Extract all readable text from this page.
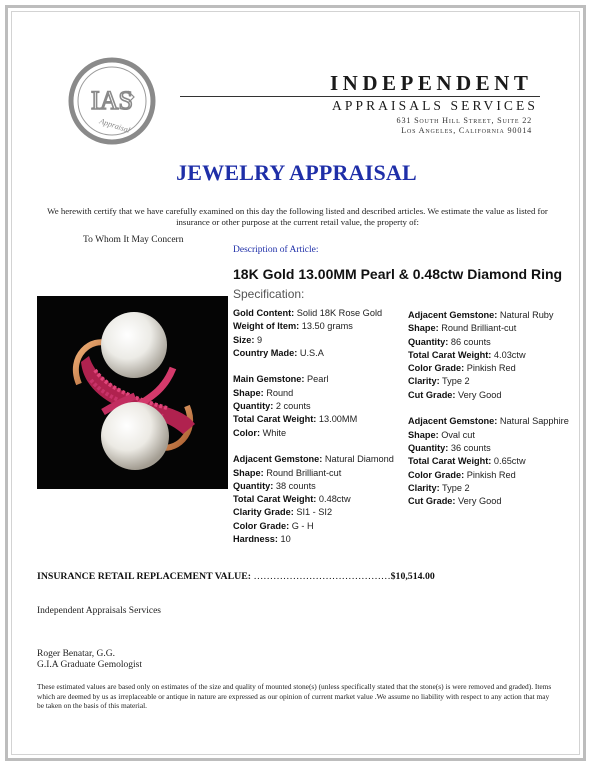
IAS
Appraisal
INDEPENDENT
APPRAISALS SERVICES
631 South Hill Street, Suite 22
Los Angeles, California 90014
JEWELRY APPRAISAL
We herewith certify that we have carefully examined on this day the following listed and described articles. We estimate the value as listed for insurance or other purpose at the current retail value, the property of:
To Whom It May Concern
Description of Article:
18K Gold 13.00MM Pearl & 0.48ctw Diamond Ring
Specification:
Gold Content: Solid 18K Rose Gold
Weight of Item: 13.50 grams
Size: 9
Country Made: U.S.A
Main Gemstone: Pearl
Shape: Round
Quantity: 2 counts
Total Carat Weight: 13.00MM
Color: White
Adjacent Gemstone: Natural Diamond
Shape: Round Brilliant-cut
Quantity: 38 counts
Total Carat Weight: 0.48ctw
Clarity Grade: SI1 - SI2
Color Grade: G - H
Hardness: 10
Adjacent Gemstone: Natural Ruby
Shape: Round Brilliant-cut
Quantity: 86 counts
Total Carat Weight: 4.03ctw
Color Grade: Pinkish Red
Clarity: Type 2
Cut Grade: Very Good
Adjacent Gemstone: Natural Sapphire
Shape: Oval cut
Quantity: 36 counts
Total Carat Weight: 0.65ctw
Color Grade: Pinkish Red
Clarity: Type 2
Cut Grade: Very Good
INSURANCE RETAIL REPLACEMENT VALUE: ……………………………………$10,514.00
Independent Appraisals Services
Roger Benatar, G.G.
G.I.A Graduate Gemologist
These estimated values are based only on estimates of the size and quality of mounted stone(s) (unless specifically stated that the stone(s) is were removed and graded). Items which are deemed by us as irreplaceable or antique in nature are expressed as our opinion of current market value .We assume no liability with respect to any action that may be taken on the basis of this material.
